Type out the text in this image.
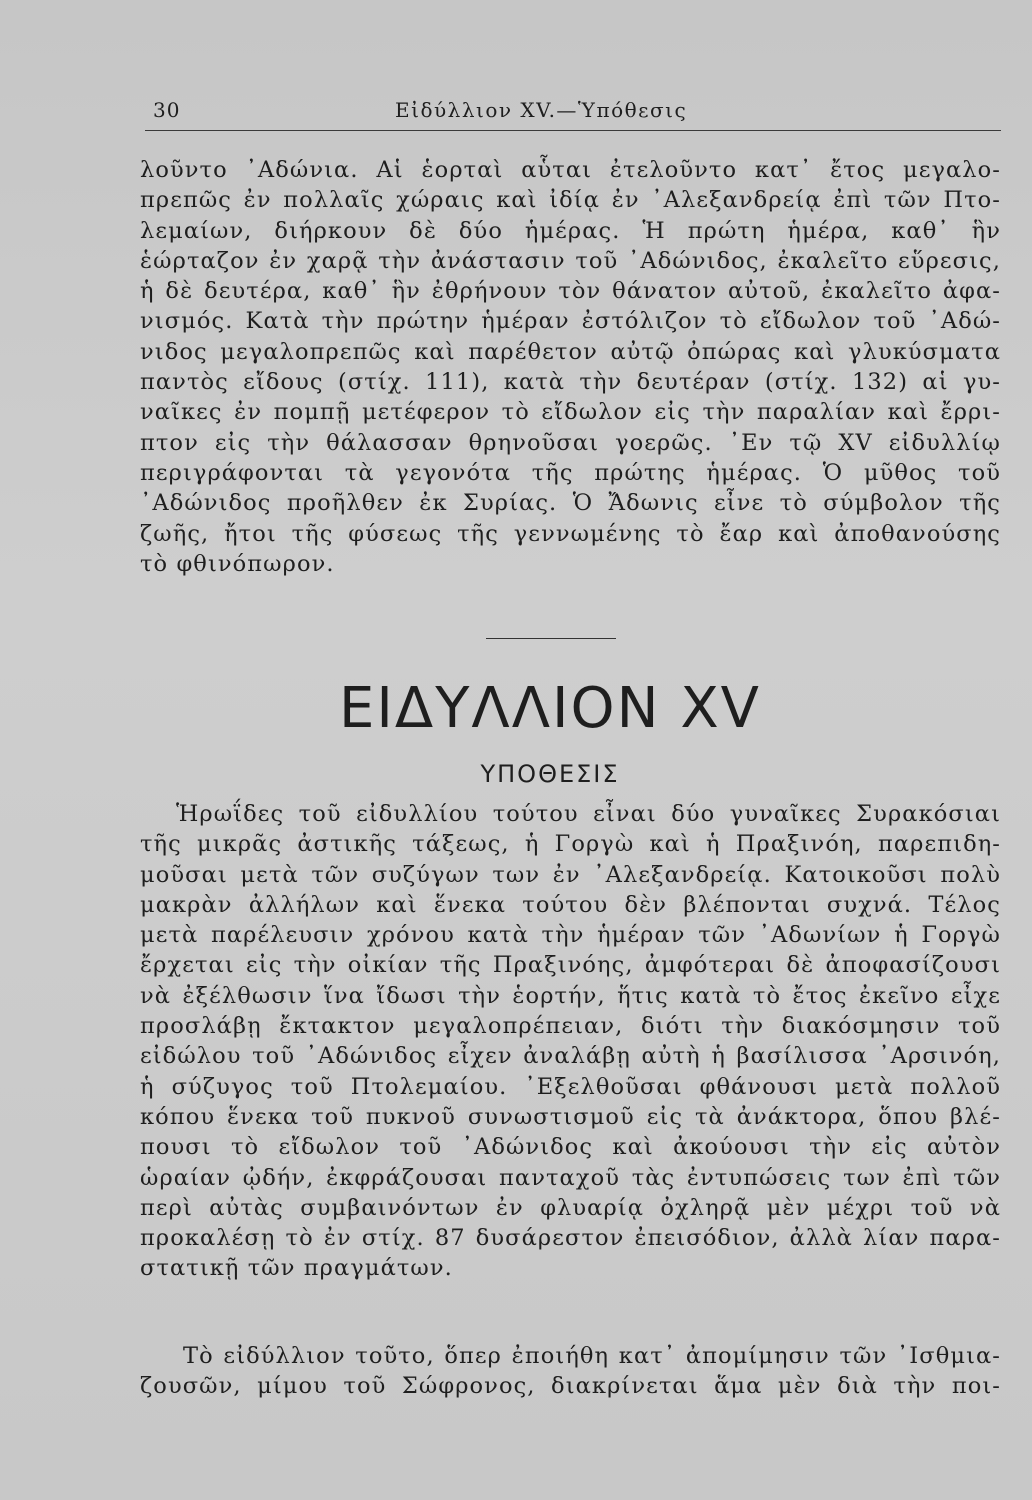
30	Εἰδύλλιον XV.—Ὑπόθεσις
λοῦντο ᾿Αδώνια. Αἱ ἑορταὶ αὗται ἐτελοῦντο κατ᾿ ἔτος μεγαλο-
πρεπῶς ἐν πολλαῖς χώραις καὶ ἰδίᾳ ἐν ᾿Αλεξανδρείᾳ ἐπὶ τῶν Πτο-
λεμαίων, διήρκουν δὲ δύο ἡμέρας. Ἡ πρώτη ἡμέρα, καθ᾿ ἣν
ἑώρταζον ἐν χαρᾷ τὴν ἀνάστασιν τοῦ ᾿Αδώνιδος, ἐκαλεῖτο εὕρεσις,
ἡ δὲ δευτέρα, καθ᾿ ἣν ἐθρήνουν τὸν θάνατον αὐτοῦ, ἐκαλεῖτο ἀφα-
νισμός. Κατὰ τὴν πρώτην ἡμέραν ἐστόλιζον τὸ εἴδωλον τοῦ ᾿Αδώ-
νιδος μεγαλοπρεπῶς καὶ παρέθετον αὐτῷ ὀπώρας καὶ γλυκύσματα
παντὸς εἴδους (στίχ. 111), κατὰ τὴν δευτέραν (στίχ. 132) αἱ γυ-
ναῖκες ἐν πομπῇ μετέφερον τὸ εἴδωλον εἰς τὴν παραλίαν καὶ ἔρρι-
πτον εἰς τὴν θάλασσαν θρηνοῦσαι γοερῶς. ᾿Εν τῷ XV εἰδυλλίῳ
περιγράφονται τὰ γεγονότα τῆς πρώτης ἡμέρας. Ὁ μῦθος τοῦ
᾿Αδώνιδος προῆλθεν ἐκ Συρίας. Ὁ Ἄδωνις εἶνε τὸ σύμβολον τῆς
ζωῆς, ἤτοι τῆς φύσεως τῆς γεννωμένης τὸ ἔαρ καὶ ἀποθανούσης
τὸ φθινόπωρον.
ΕΙΔΥΛΛΙΟΝ XV
ΥΠΟΘΕΣΙΣ
Ἡρωΐδες τοῦ εἰδυλλίου τούτου εἶναι δύο γυναῖκες Συρακόσιαι
τῆς μικρᾶς ἀστικῆς τάξεως, ἡ Γοργὼ καὶ ἡ Πραξινόη, παρεπιδη-
μοῦσαι μετὰ τῶν συζύγων των ἐν ᾿Αλεξανδρείᾳ. Κατοικοῦσι πολὺ
μακρὰν ἀλλήλων καὶ ἕνεκα τούτου δὲν βλέπονται συχνά. Τέλος
μετὰ παρέλευσιν χρόνου κατὰ τὴν ἡμέραν τῶν ᾿Αδωνίων ἡ Γοργὼ
ἔρχεται εἰς τὴν οἰκίαν τῆς Πραξινόης, ἀμφότεραι δὲ ἀποφασίζουσι
νὰ ἐξέλθωσιν ἵνα ἴδωσι τὴν ἑορτήν, ἥτις κατὰ τὸ ἔτος ἐκεῖνο εἶχε
προσλάβῃ ἔκτακτον μεγαλοπρέπειαν, διότι τὴν διακόσμησιν τοῦ
εἰδώλου τοῦ ᾿Αδώνιδος εἶχεν ἀναλάβῃ αὐτὴ ἡ βασίλισσα ᾿Αρσινόη,
ἡ σύζυγος τοῦ Πτολεμαίου. ᾿Εξελθοῦσαι φθάνουσι μετὰ πολλοῦ
κόπου ἕνεκα τοῦ πυκνοῦ συνωστισμοῦ εἰς τὰ ἀνάκτορα, ὅπου βλέ-
πουσι τὸ εἴδωλον τοῦ ᾿Αδώνιδος καὶ ἀκούουσι τὴν εἰς αὐτὸν
ὡραίαν ᾠδήν, ἐκφράζουσαι πανταχοῦ τὰς ἐντυπώσεις των ἐπὶ τῶν
περὶ αὐτὰς συμβαινόντων ἐν φλυαρίᾳ ὀχληρᾷ μὲν μέχρι τοῦ νὰ
προκαλέσῃ τὸ ἐν στίχ. 87 δυσάρεστον ἐπεισόδιον, ἀλλὰ λίαν παρα-
στατικῇ τῶν πραγμάτων.
Τὸ εἰδύλλιον τοῦτο, ὅπερ ἐποιήθη κατ᾿ ἀπομίμησιν τῶν ᾿Ισθμια-
ζουσῶν, μίμου τοῦ Σώφρονος, διακρίνεται ἅμα μὲν διὰ τὴν ποι-
